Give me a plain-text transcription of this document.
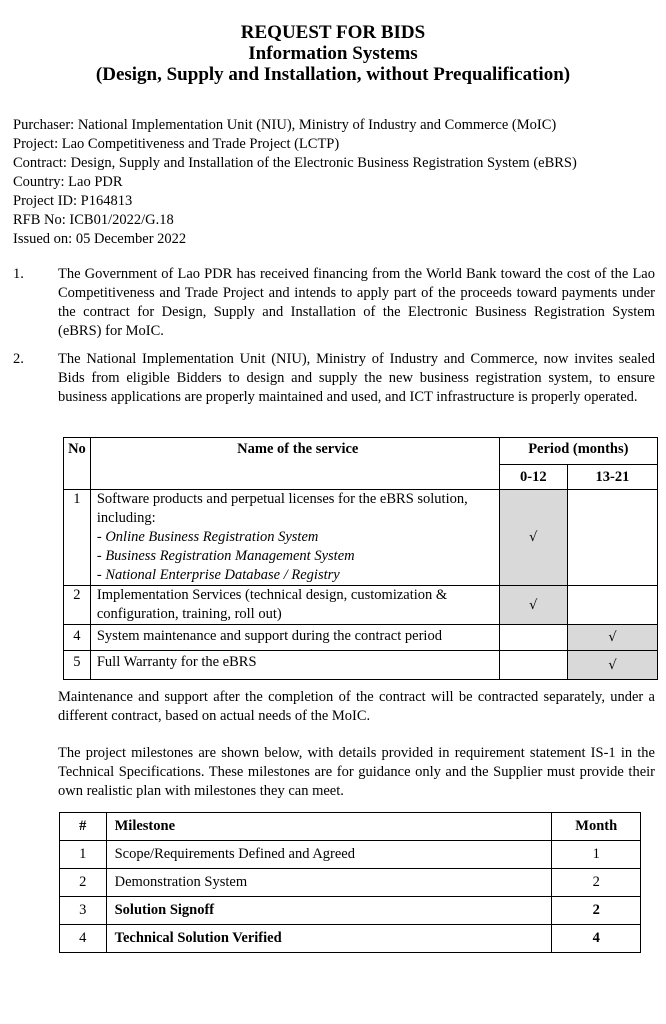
REQUEST FOR BIDS
Information Systems
(Design, Supply and Installation, without Prequalification)
Purchaser: National Implementation Unit (NIU), Ministry of Industry and Commerce (MoIC)
Project: Lao Competitiveness and Trade Project (LCTP)
Contract: Design, Supply and Installation of the Electronic Business Registration System (eBRS)
Country: Lao PDR
Project ID: P164813
RFB No: ICB01/2022/G.18
Issued on: 05 December 2022
1. The Government of Lao PDR has received financing from the World Bank toward the cost of the Lao Competitiveness and Trade Project and intends to apply part of the proceeds toward payments under the contract for Design, Supply and Installation of the Electronic Business Registration System (eBRS) for MoIC.
2. The National Implementation Unit (NIU), Ministry of Industry and Commerce, now invites sealed Bids from eligible Bidders to design and supply the new business registration system, to ensure business applications are properly maintained and used, and ICT infrastructure is properly operated.
No	Name of the service	Period (months)	
		0-12	13-21
1	Software products and perpetual licenses for the eBRS solution, including:
- Online Business Registration System
- Business Registration Management System
- National Enterprise Database / Registry	√	
2	Implementation Services (technical design, customization & configuration, training, roll out)	√	
4	System maintenance and support during the contract period		√
5	Full Warranty for the eBRS		√
Maintenance and support after the completion of the contract will be contracted separately, under a different contract, based on actual needs of the MoIC.
The project milestones are shown below, with details provided in requirement statement IS-1 in the Technical Specifications. These milestones are for guidance only and the Supplier must provide their own realistic plan with milestones they can meet.
#	Milestone	Month
1	Scope/Requirements Defined and Agreed	1
2	Demonstration System	2
3	Solution Signoff	2
4	Technical Solution Verified	4
